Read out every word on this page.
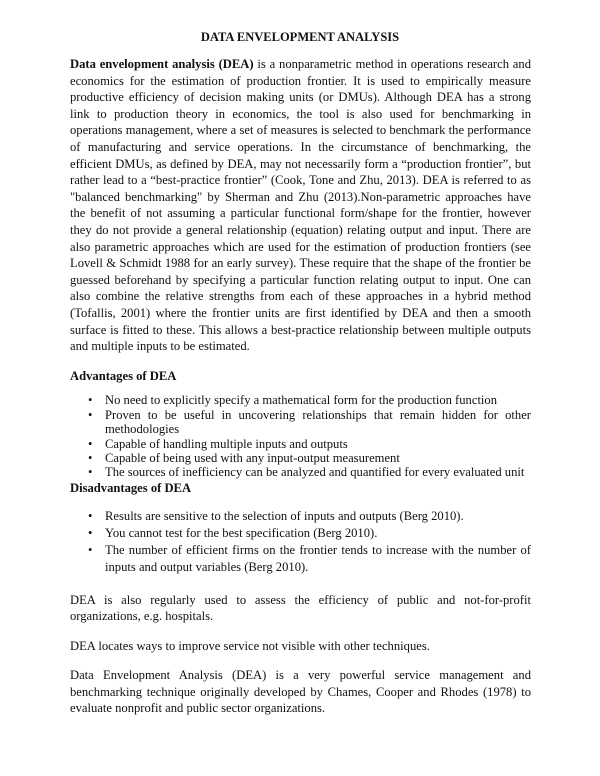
DATA ENVELOPMENT ANALYSIS

Data envelopment analysis (DEA) is a nonparametric method in operations research and economics for the estimation of production frontier. It is used to empirically measure productive efficiency of decision making units (or DMUs). Although DEA has a strong link to production theory in economics, the tool is also used for benchmarking in operations management, where a set of measures is selected to benchmark the performance of manufacturing and service operations. In the circumstance of benchmarking, the efficient DMUs, as defined by DEA, may not necessarily form a “production frontier”, but rather lead to a “best-practice frontier” (Cook, Tone and Zhu, 2013). DEA is referred to as "balanced benchmarking" by Sherman and Zhu (2013).Non-parametric approaches have the benefit of not assuming a particular functional form/shape for the frontier, however they do not provide a general relationship (equation) relating output and input. There are also parametric approaches which are used for the estimation of production frontiers (see Lovell & Schmidt 1988 for an early survey). These require that the shape of the frontier be guessed beforehand by specifying a particular function relating output to input. One can also combine the relative strengths from each of these approaches in a hybrid method (Tofallis, 2001) where the frontier units are first identified by DEA and then a smooth surface is fitted to these. This allows a best-practice relationship between multiple outputs and multiple inputs to be estimated.

Advantages of DEA
• No need to explicitly specify a mathematical form for the production function
• Proven to be useful in uncovering relationships that remain hidden for other methodologies
• Capable of handling multiple inputs and outputs
• Capable of being used with any input-output measurement
• The sources of inefficiency can be analyzed and quantified for every evaluated unit
Disadvantages of DEA
• Results are sensitive to the selection of inputs and outputs (Berg 2010).
• You cannot test for the best specification (Berg 2010).
• The number of efficient firms on the frontier tends to increase with the number of inputs and output variables (Berg 2010).

DEA is also regularly used to assess the efficiency of public and not-for-profit organizations, e.g. hospitals.

DEA locates ways to improve service not visible with other techniques.

Data Envelopment Analysis (DEA) is a very powerful service management and benchmarking technique originally developed by Chames, Cooper and Rhodes (1978) to evaluate nonprofit and public sector organizations.
